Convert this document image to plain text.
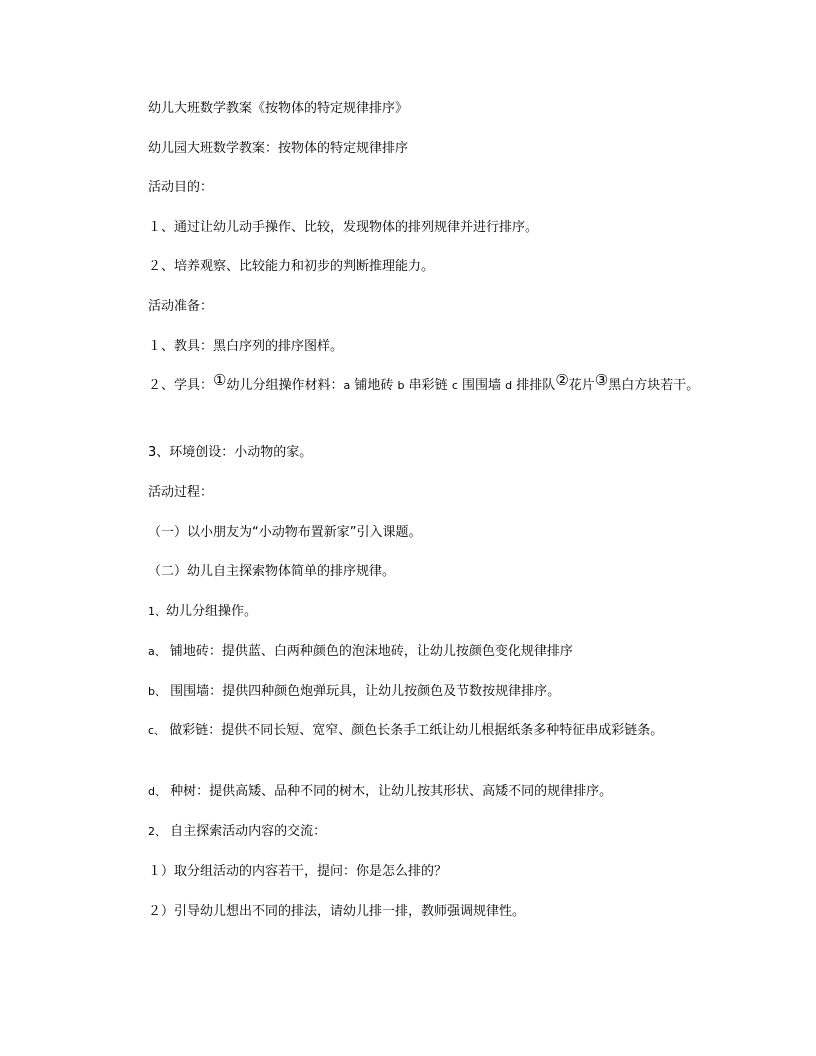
幼儿大班数学教案《按物体的特定规律排序》
幼儿园大班数学教案：按物体的特定规律排序
活动目的：
１、通过让幼儿动手操作、比较，发现物体的排列规律并进行排序。
２、培养观察、比较能力和初步的判断推理能力。
活动准备：
１、教具：黑白序列的排序图样。
２、学具：①幼儿分组操作材料：a 铺地砖 b 串彩链 c 围围墙 d 排排队②花片③黑白方块若干。
3、环境创设：小动物的家。
活动过程：
（一）以小朋友为“小动物布置新家”引入课题。
（二）幼儿自主探索物体简单的排序规律。
1、幼儿分组操作。
a、 铺地砖：提供蓝、白两种颜色的泡沫地砖，让幼儿按颜色变化规律排序
b、 围围墙：提供四种颜色炮弹玩具，让幼儿按颜色及节数按规律排序。
c、 做彩链：提供不同长短、宽窄、颜色长条手工纸让幼儿根据纸条多种特征串成彩链条。
d、 种树：提供高矮、品种不同的树木，让幼儿按其形状、高矮不同的规律排序。
2、 自主探索活动内容的交流：
１）取分组活动的内容若干，提问：你是怎么排的？
２）引导幼儿想出不同的排法，请幼儿排一排，教师强调规律性。
